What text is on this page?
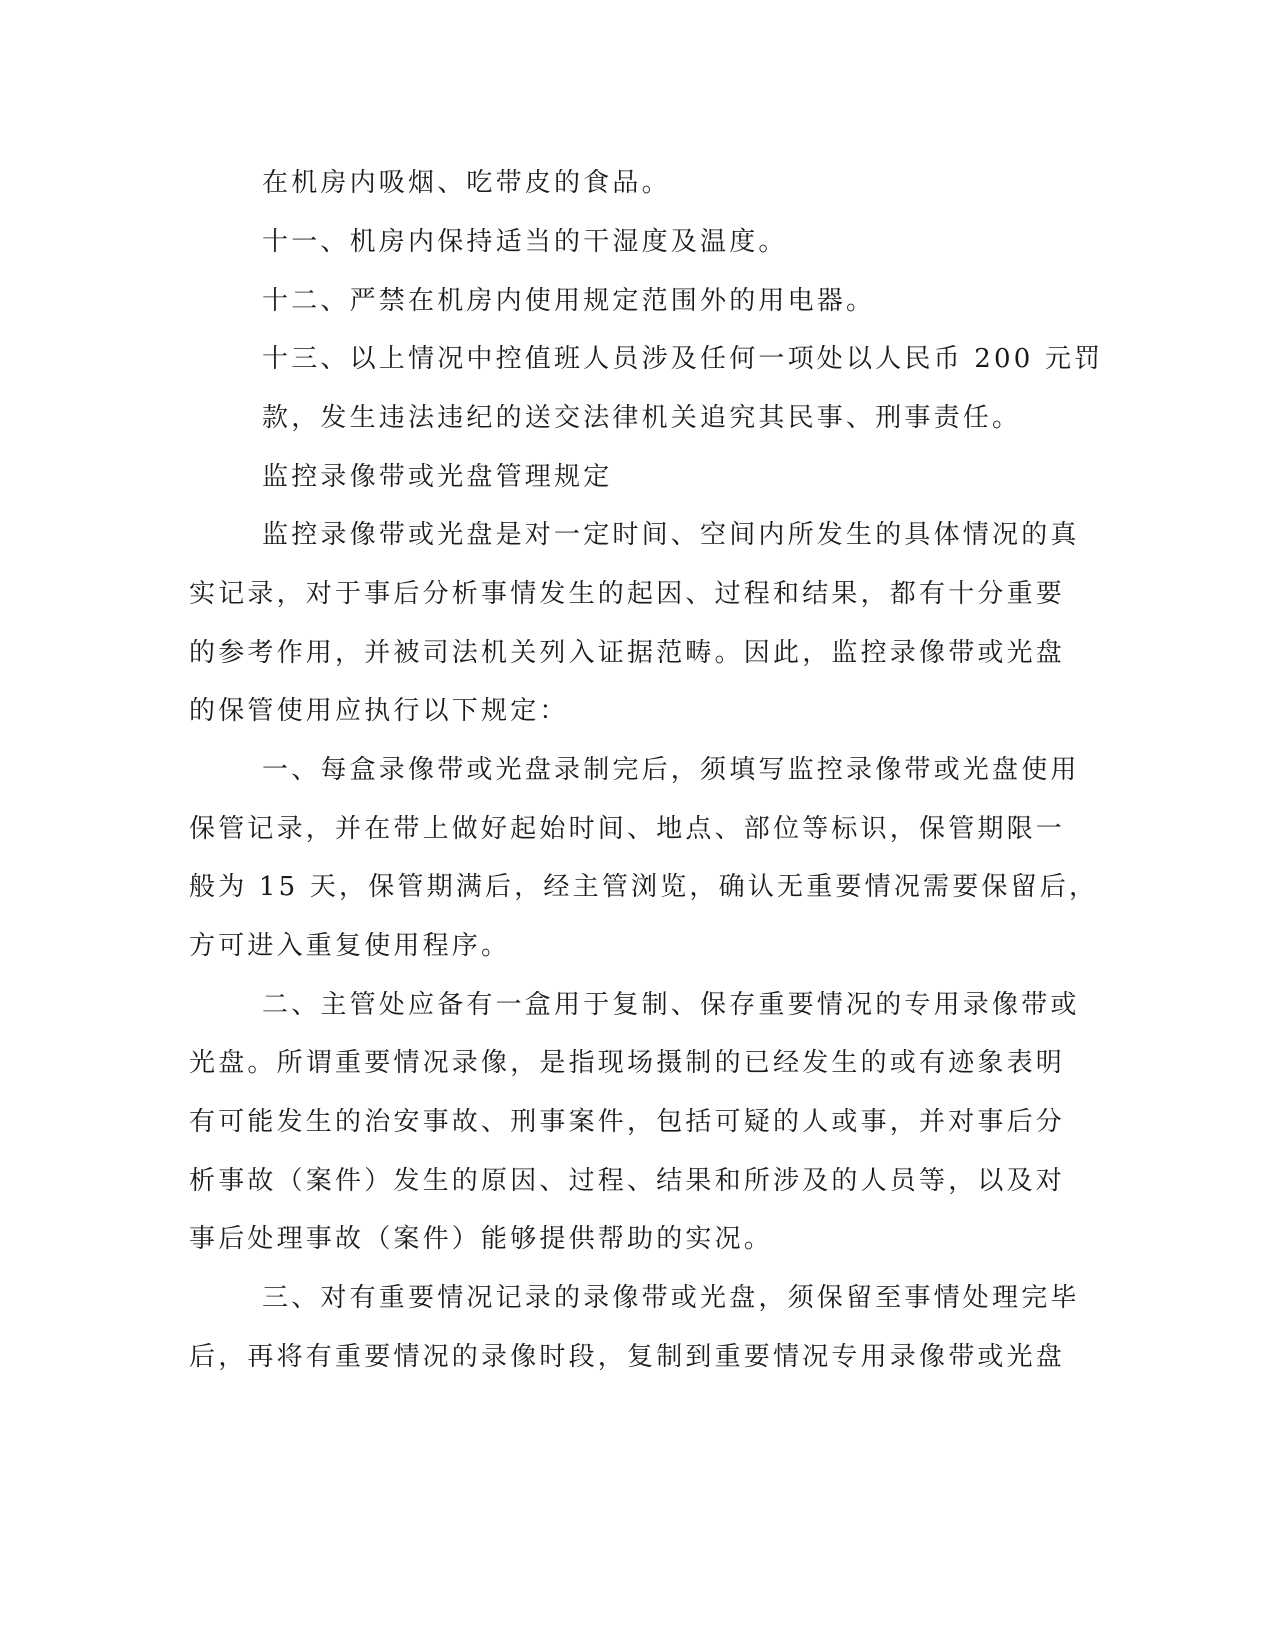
在机房内吸烟、吃带皮的食品。
十一、机房内保持适当的干湿度及温度。
十二、严禁在机房内使用规定范围外的用电器。
十三、以上情况中控值班人员涉及任何一项处以人民币 200 元罚
款，发生违法违纪的送交法律机关追究其民事、刑事责任。
监控录像带或光盘管理规定
监控录像带或光盘是对一定时间、空间内所发生的具体情况的真
实记录，对于事后分析事情发生的起因、过程和结果，都有十分重要
的参考作用，并被司法机关列入证据范畴。因此，监控录像带或光盘
的保管使用应执行以下规定：
一、每盒录像带或光盘录制完后，须填写监控录像带或光盘使用
保管记录，并在带上做好起始时间、地点、部位等标识，保管期限一
般为 15 天，保管期满后，经主管浏览，确认无重要情况需要保留后，
方可进入重复使用程序。
二、主管处应备有一盒用于复制、保存重要情况的专用录像带或
光盘。所谓重要情况录像，是指现场摄制的已经发生的或有迹象表明
有可能发生的治安事故、刑事案件，包括可疑的人或事，并对事后分
析事故（案件）发生的原因、过程、结果和所涉及的人员等，以及对
事后处理事故（案件）能够提供帮助的实况。
三、对有重要情况记录的录像带或光盘，须保留至事情处理完毕
后，再将有重要情况的录像时段，复制到重要情况专用录像带或光盘
